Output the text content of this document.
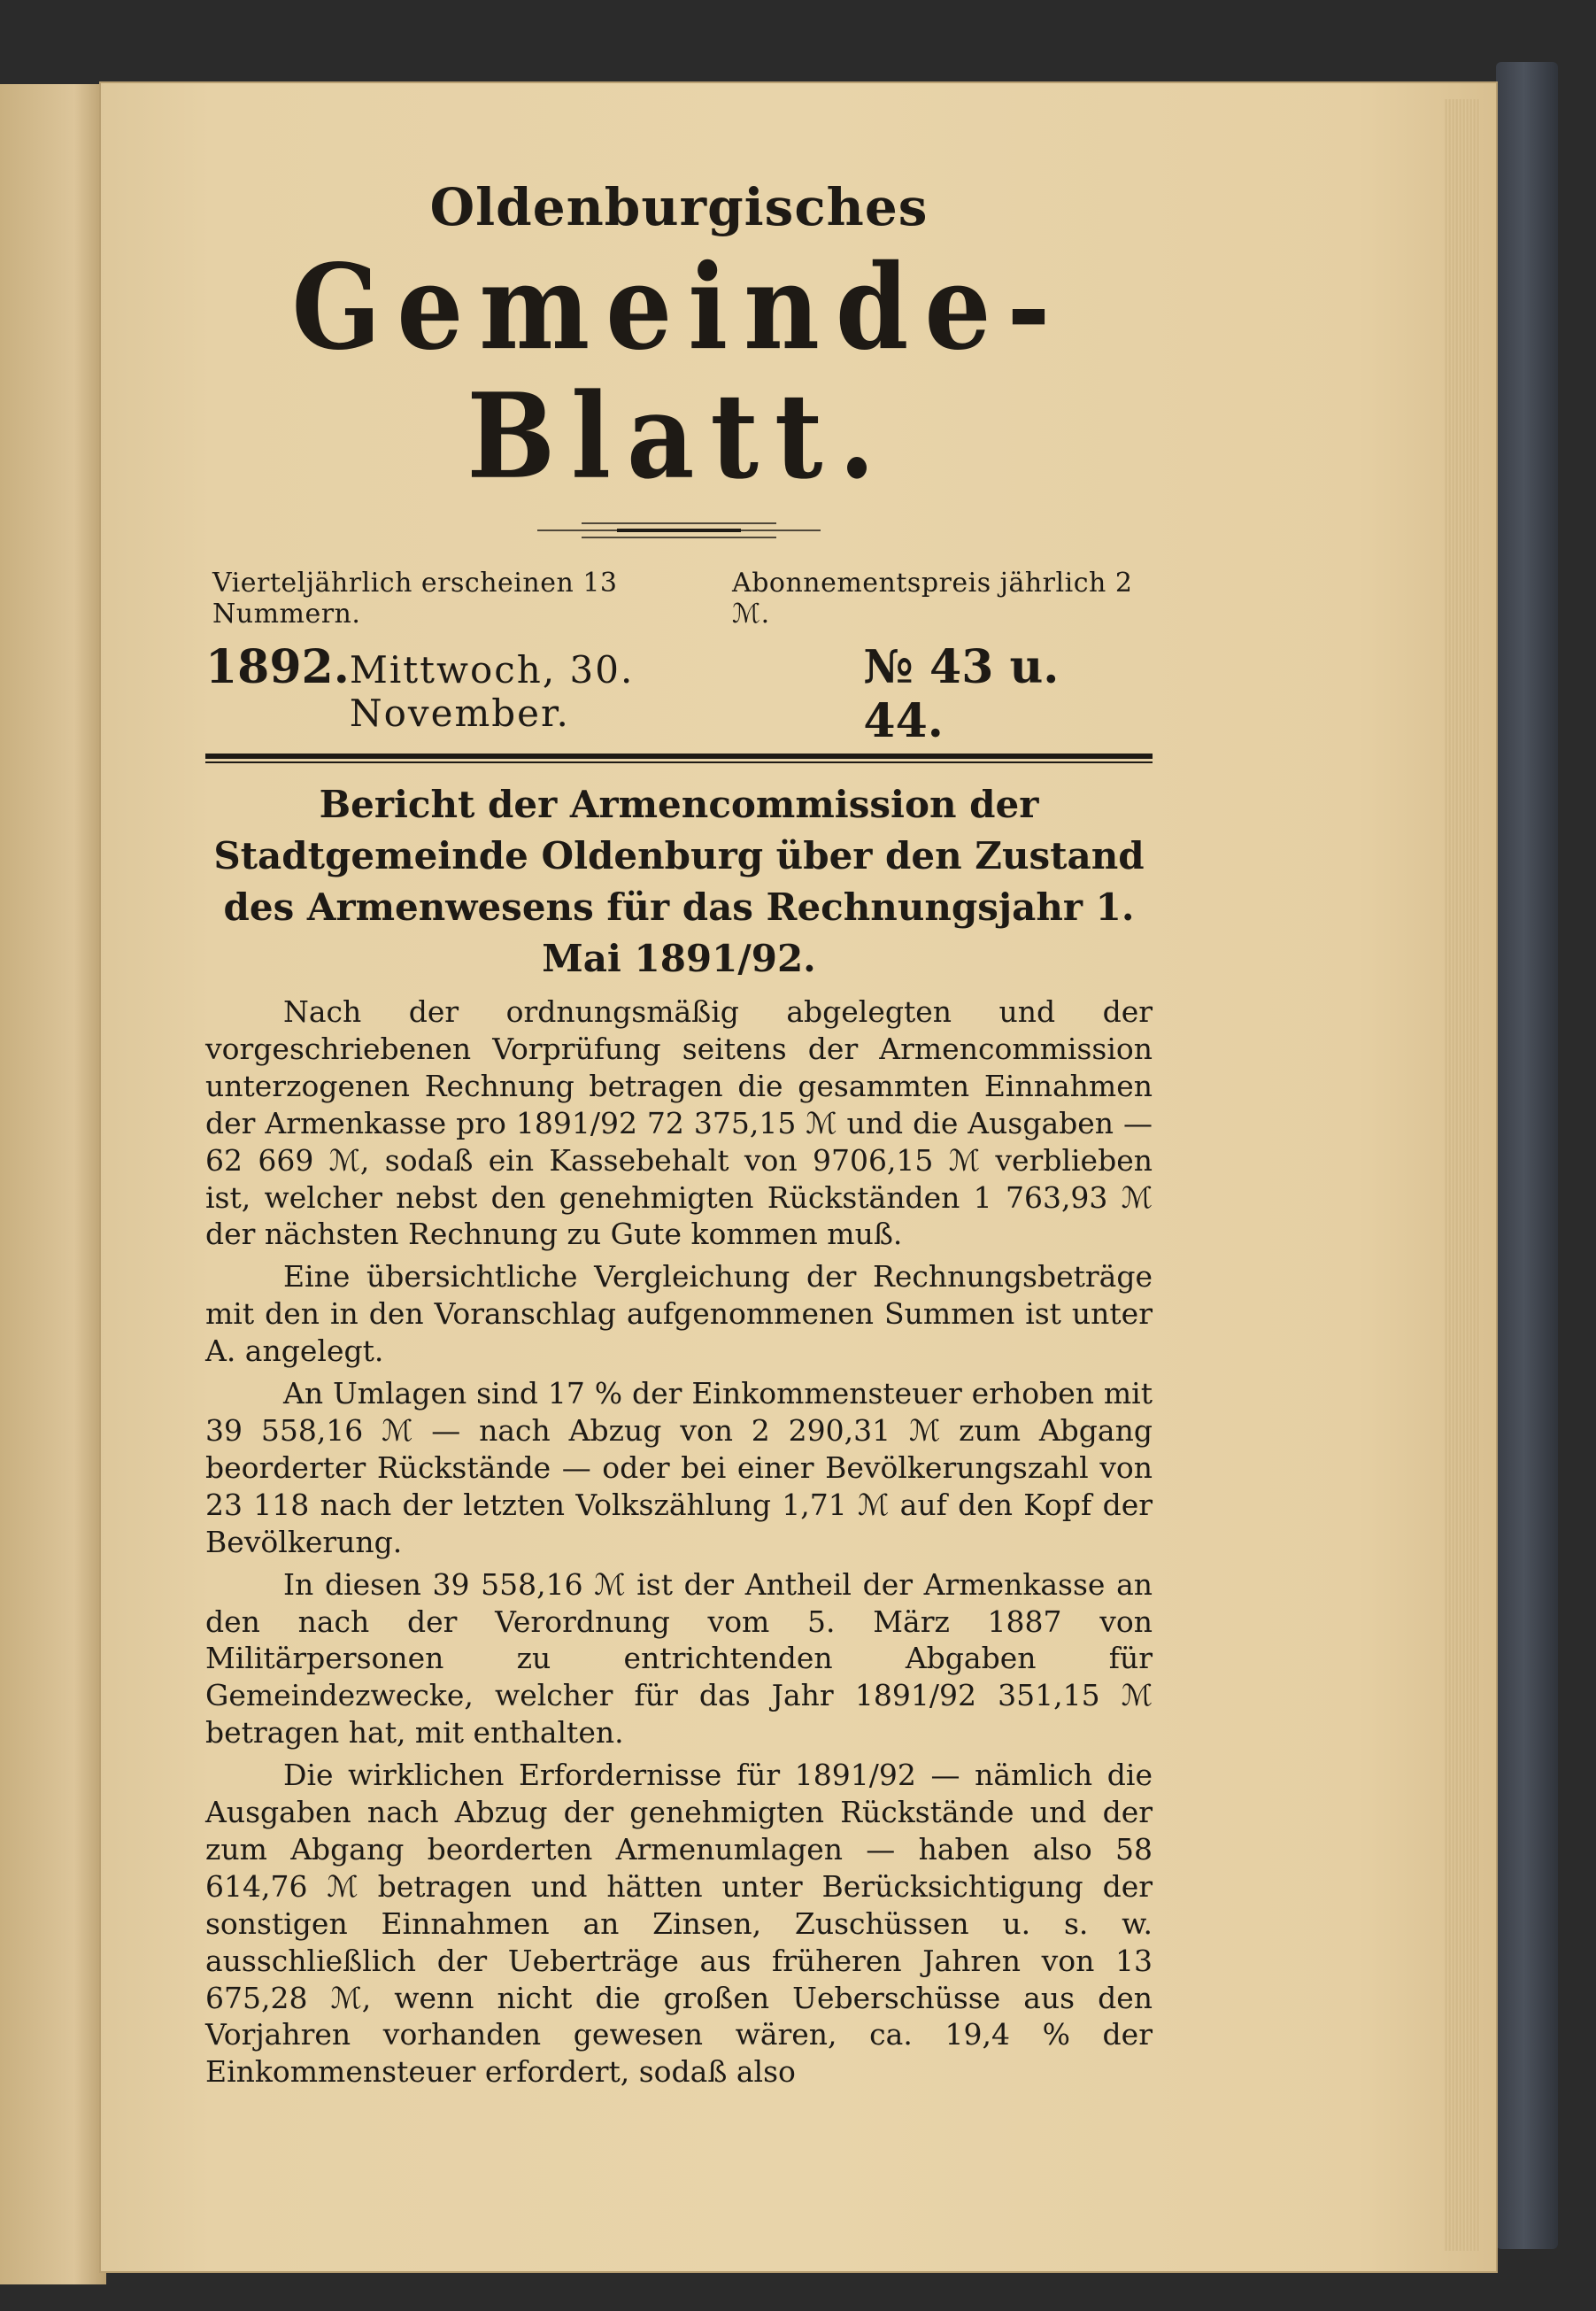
Oldenburgisches
Gemeinde-Blatt.
Vierteljährlich erscheinen 13 Nummern.
Abonnementspreis jährlich 2 ℳ.
1892. Mittwoch, 30. November.
№ 43 u. 44.
Bericht der Armencommission der Stadtgemeinde Oldenburg über den Zustand des Armenwesens für das Rechnungsjahr 1. Mai 1891/92.

Nach der ordnungsmäßig abgelegten und der vorgeschriebenen Vorprüfung seitens der Armencommission unterzogenen Rechnung betragen die gesammten Einnahmen der Armenkasse pro 1891/92 72 375,15 ℳ und die Ausgaben — 62 669 ℳ, sodaß ein Kassebehalt von 9706,15 ℳ verblieben ist, welcher nebst den genehmigten Rückständen 1 763,93 ℳ der nächsten Rechnung zu Gute kommen muß.

Eine übersichtliche Vergleichung der Rechnungsbeträge mit den in den Voranschlag aufgenommenen Summen ist unter A. angelegt.

An Umlagen sind 17 % der Einkommensteuer erhoben mit 39 558,16 ℳ — nach Abzug von 2 290,31 ℳ zum Abgang beorderter Rückstände — oder bei einer Bevölkerungszahl von 23 118 nach der letzten Volkszählung 1,71 ℳ auf den Kopf der Bevölkerung.

In diesen 39 558,16 ℳ ist der Antheil der Armenkasse an den nach der Verordnung vom 5. März 1887 von Militärpersonen zu entrichtenden Abgaben für Gemeindezwecke, welcher für das Jahr 1891/92 351,15 ℳ betragen hat, mit enthalten.

Die wirklichen Erfordernisse für 1891/92 — nämlich die Ausgaben nach Abzug der genehmigten Rückstände und der zum Abgang beorderten Armenumlagen — haben also 58 614,76 ℳ betragen und hätten unter Berücksichtigung der sonstigen Einnahmen an Zinsen, Zuschüssen u. s. w. ausschließlich der Ueberträge aus früheren Jahren von 13 675,28 ℳ, wenn nicht die großen Ueberschüsse aus den Vorjahren vorhanden gewesen wären, ca. 19,4 % der Einkommensteuer erfordert, sodaß also
